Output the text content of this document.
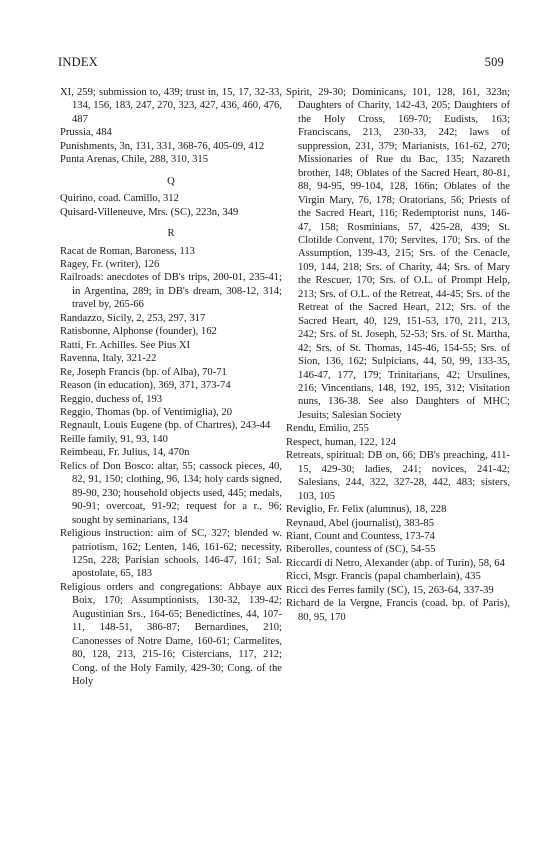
INDEX	509
XI, 259; submission to, 439; trust in, 15, 17, 32-33, 134, 156, 183, 247, 270, 323, 427, 436, 460, 476, 487
Prussia, 484
Punishments, 3n, 131, 331, 368-76, 405-09, 412
Punta Arenas, Chile, 288, 310, 315
Q
Quirino, coad. Camillo, 312
Quisard-Villeneuve, Mrs. (SC), 223n, 349
R
Racat de Roman, Baroness, 113
Ragey, Fr. (writer), 126
Railroads: anecdotes of DB's trips, 200-01, 235-41; in Argentina, 289; in DB's dream, 308-12, 314; travel by, 265-66
Randazzo, Sicily, 2, 253, 297, 317
Ratisbonne, Alphonse (founder), 162
Ratti, Fr. Achilles. See Pius XI
Ravenna, Italy, 321-22
Re, Joseph Francis (bp. of Alba), 70-71
Reason (in education), 369, 371, 373-74
Reggio, duchess of, 193
Reggio, Thomas (bp. of Ventimiglia), 20
Regnault, Louis Eugene (bp. of Chartres), 243-44
Reille family, 91, 93, 140
Reimbeau, Fr. Julius, 14, 470n
Relics of Don Bosco: altar, 55; cassock pieces, 40, 82, 91, 150; clothing, 96, 134; holy cards signed, 89-90, 230; household objects used, 445; medals, 90-91; overcoat, 91-92; request for a r., 96; sought by seminarians, 134
Religious instruction: aim of SC, 327; blended w. patriotism, 162; Lenten, 146, 161-62; necessity, 125n, 228; Parisian schools, 146-47, 161; Sal. apostolate, 65, 183
Religious orders and congregations: Abbaye aux Boix, 170; Assumptionists, 130-32, 139-42; Augustinian Srs., 164-65; Benedictines, 44, 107-11, 148-51, 386-87; Bernardines, 210; Canonesses of Notre Dame, 160-61; Carmelites, 80, 128, 213, 215-16; Cistercians, 117, 212; Cong. of the Holy Family, 429-30; Cong. of the Holy
Spirit, 29-30; Dominicans, 101, 128, 161, 323n; Daughters of Charity, 142-43, 205; Daughters of the Holy Cross, 169-70; Eudists, 163; Franciscans, 213, 230-33, 242; laws of suppression, 231, 379; Marianists, 161-62, 270; Missionaries of Rue du Bac, 135; Nazareth brother, 148; Oblates of the Sacred Heart, 80-81, 88, 94-95, 99-104, 128, 166n; Oblates of the Virgin Mary, 76, 178; Oratorians, 56; Priests of the Sacred Heart, 116; Redemptorist nuns, 146-47, 158; Rosminians, 57, 425-28, 439; St. Clotilde Convent, 170; Servites, 170; Srs. of the Assumption, 139-43, 215; Srs. of the Cenacle, 109, 144, 218; Srs. of Charity, 44; Srs. of Mary the Rescuer, 170; Srs. of O.L. of Prompt Help, 213; Srs. of O.L. of the Retreat, 44-45; Srs. of the Retreat of the Sacred Heart, 212; Srs. of the Sacred Heart, 40, 129, 151-53, 170, 211, 213, 242; Srs. of St. Joseph, 52-53; Srs. of St. Martha, 42; Srs. of St. Thomas, 145-46, 154-55; Srs. of Sion, 136, 162; Sulpicians, 44, 50, 99, 133-35, 146-47, 177, 179; Trinitarians, 42; Ursulines, 216; Vincentians, 148, 192, 195, 312; Visitation nuns, 136-38. See also Daughters of MHC; Jesuits; Salesian Society
Rendu, Emilio, 255
Respect, human, 122, 124
Retreats, spiritual: DB on, 66; DB's preaching, 411-15, 429-30; ladies, 241; novices, 241-42; Salesians, 244, 322, 327-28, 442, 483; sisters, 103, 105
Reviglio, Fr. Felix (alumnus), 18, 228
Reynaud, Abel (journalist), 383-85
Riant, Count and Countess, 173-74
Riberolles, countess of (SC), 54-55
Riccardi di Netro, Alexander (abp. of Turin), 58, 64
Ricci, Msgr. Francis (papal chamberlain), 435
Ricci des Ferres family (SC), 15, 263-64, 337-39
Richard de la Vergne, Francis (coad. bp. of Paris), 80, 95, 170
